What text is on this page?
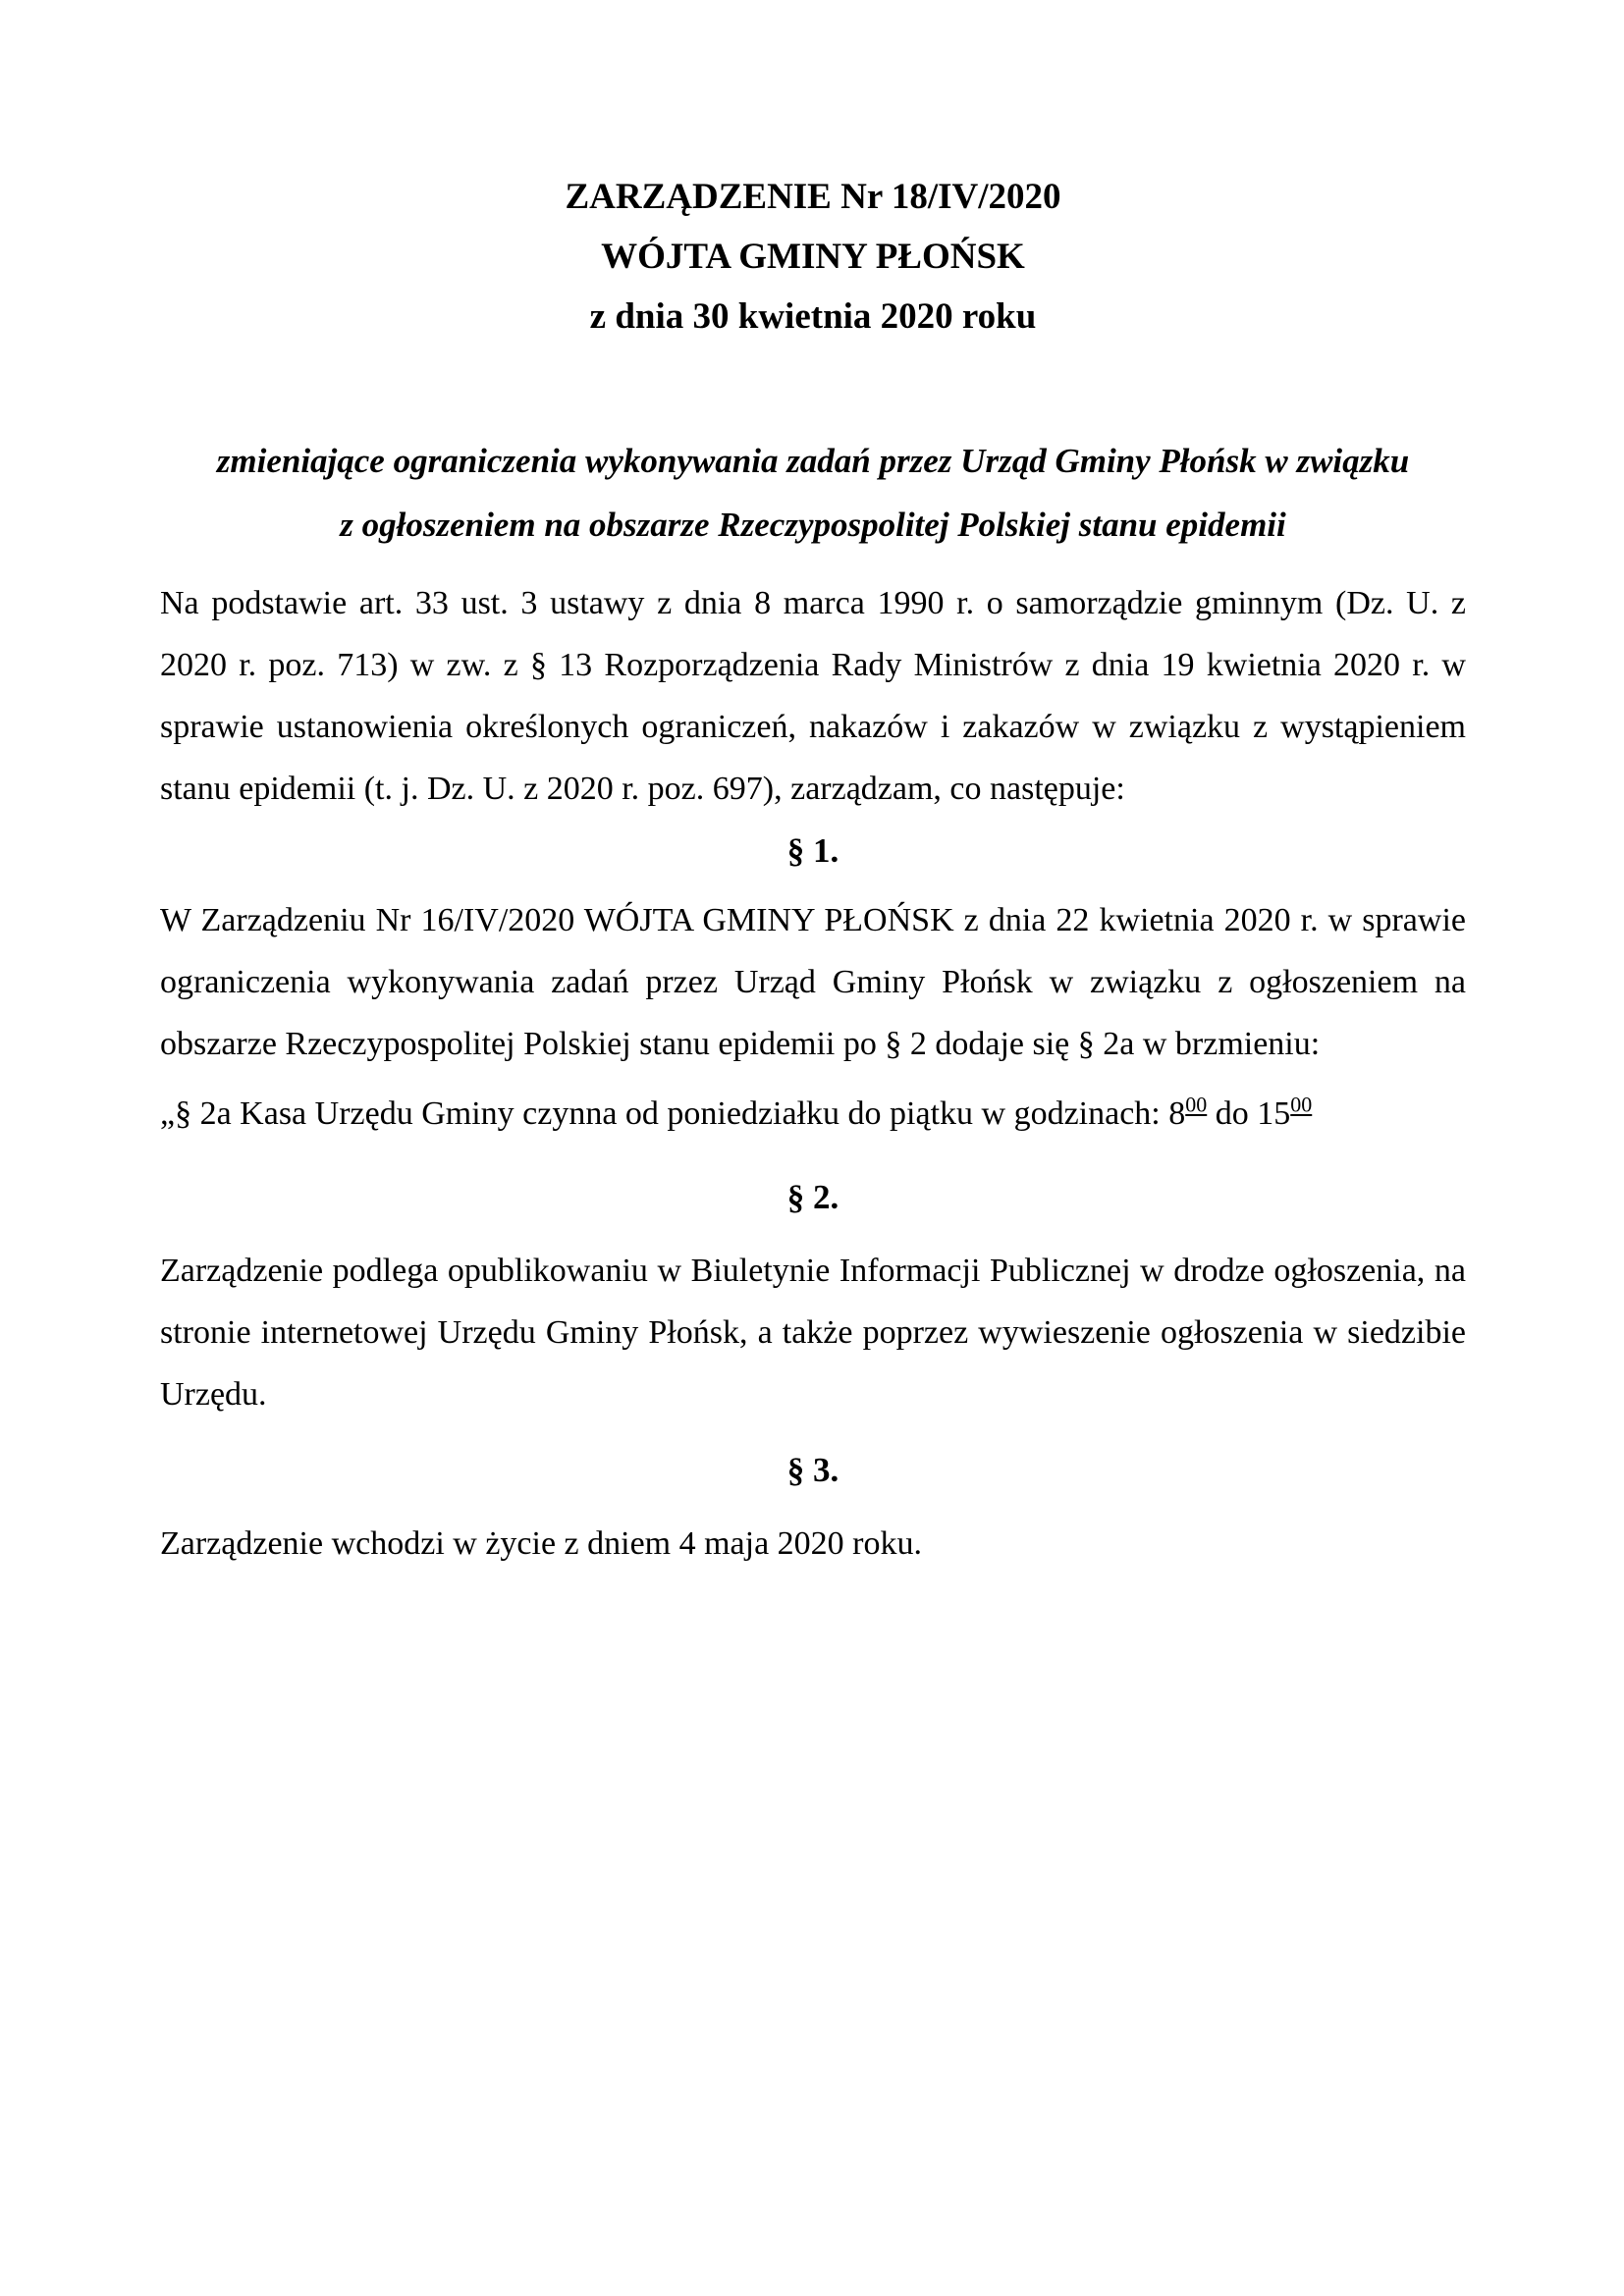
ZARZĄDZENIE Nr 18/IV/2020
WÓJTA GMINY PŁOŃSK
z dnia 30 kwietnia 2020 roku
zmieniające ograniczenia wykonywania zadań przez Urząd Gminy Płońsk w związku
z ogłoszeniem na obszarze Rzeczypospolitej Polskiej stanu epidemii

Na podstawie art. 33 ust. 3 ustawy z dnia 8 marca 1990 r. o samorządzie gminnym (Dz. U. z 2020 r. poz. 713) w zw. z § 13 Rozporządzenia Rady Ministrów z dnia 19 kwietnia 2020 r. w sprawie ustanowienia określonych ograniczeń, nakazów i zakazów w związku z wystąpieniem stanu epidemii (t. j. Dz. U. z 2020 r. poz. 697), zarządzam, co następuje:

§ 1.

W Zarządzeniu Nr 16/IV/2020 WÓJTA GMINY PŁOŃSK z dnia 22 kwietnia 2020 r. w sprawie ograniczenia wykonywania zadań przez Urząd Gminy Płońsk w związku z ogłoszeniem na obszarze Rzeczypospolitej Polskiej stanu epidemii po § 2 dodaje się § 2a w brzmieniu:

„§ 2a Kasa Urzędu Gminy czynna od poniedziałku do piątku w godzinach: $8^{00}$ do $15^{00}$

§ 2.

Zarządzenie podlega opublikowaniu w Biuletynie Informacji Publicznej w drodze ogłoszenia, na stronie internetowej Urzędu Gminy Płońsk, a także poprzez wywieszenie ogłoszenia w siedzibie Urzędu.

§ 3.

Zarządzenie wchodzi w życie z dniem 4 maja 2020 roku.
